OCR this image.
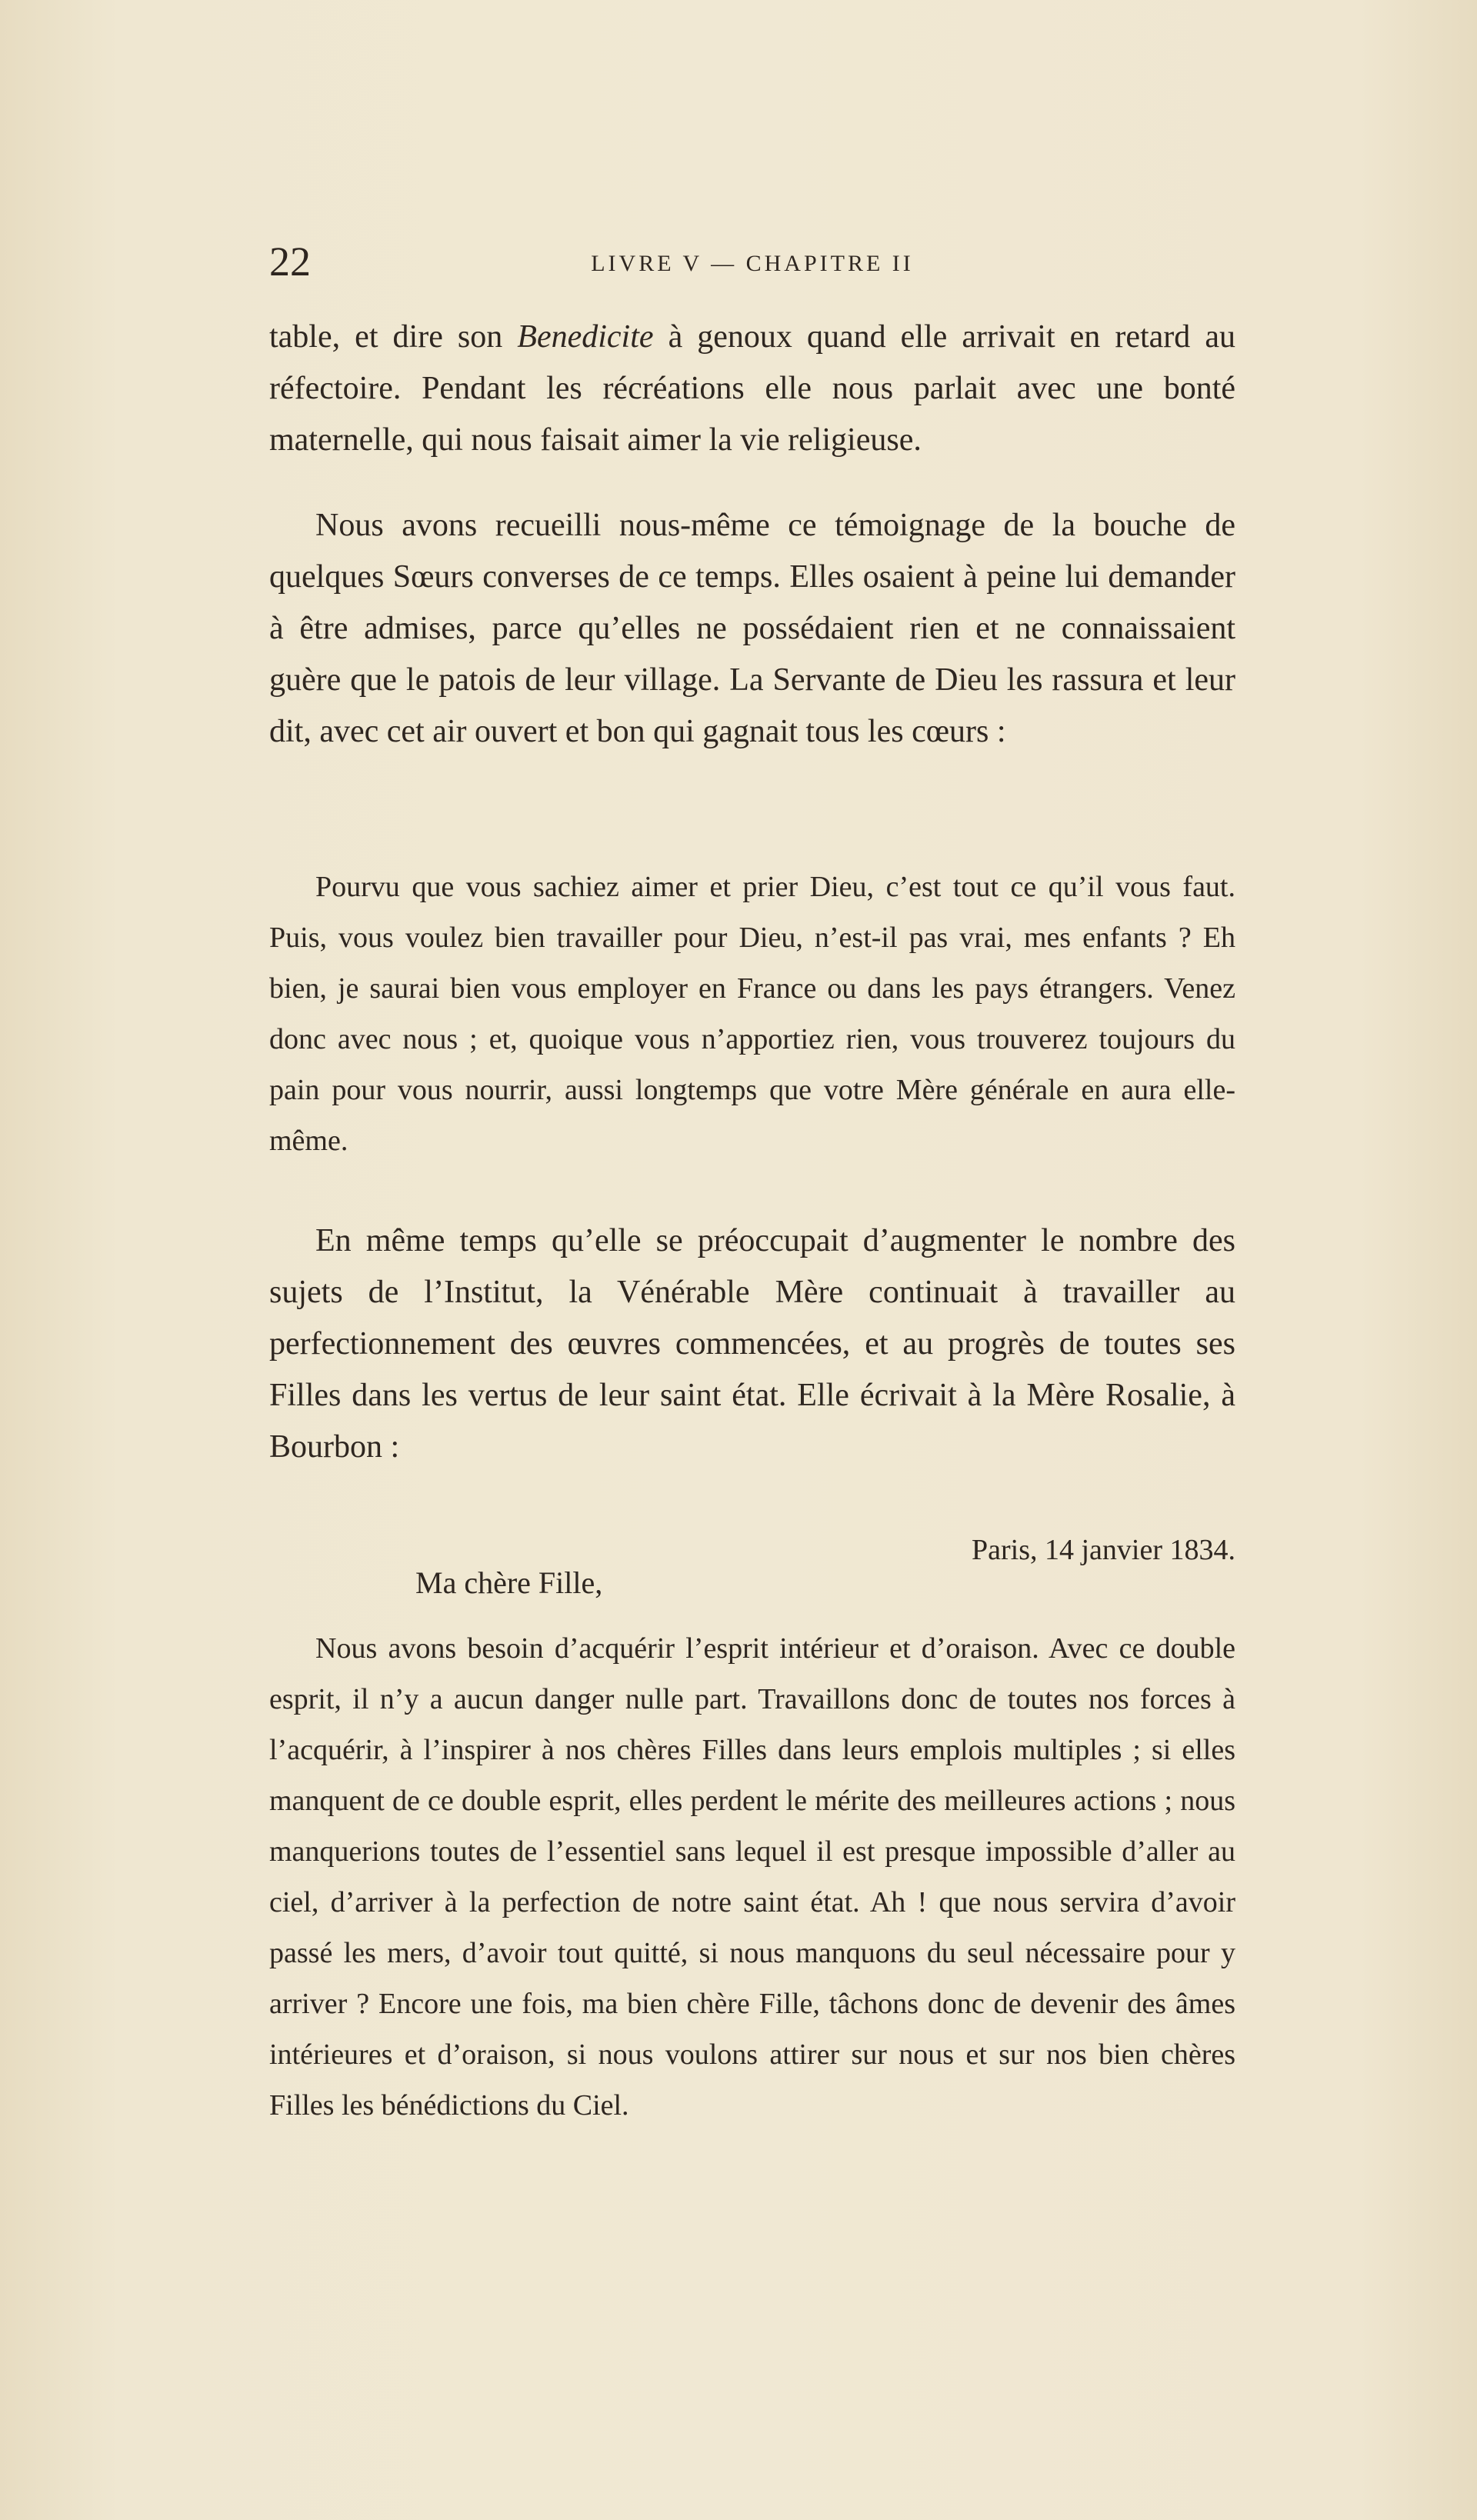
22	LIVRE V — CHAPITRE II

table, et dire son Benedicite à genoux quand elle arrivait en retard au réfectoire. Pendant les récréations elle nous parlait avec une bonté maternelle, qui nous faisait aimer la vie religieuse.

Nous avons recueilli nous-même ce témoignage de la bouche de quelques Sœurs converses de ce temps. Elles osaient à peine lui demander à être admises, parce qu’elles ne possédaient rien et ne connaissaient guère que le patois de leur village. La Servante de Dieu les rassura et leur dit, avec cet air ouvert et bon qui gagnait tous les cœurs :

Pourvu que vous sachiez aimer et prier Dieu, c’est tout ce qu’il vous faut. Puis, vous voulez bien travailler pour Dieu, n’est-il pas vrai, mes enfants ? Eh bien, je saurai bien vous employer en France ou dans les pays étrangers. Venez donc avec nous ; et, quoique vous n’apportiez rien, vous trouverez toujours du pain pour vous nourrir, aussi longtemps que votre Mère générale en aura elle-même.

En même temps qu’elle se préoccupait d’augmenter le nombre des sujets de l’Institut, la Vénérable Mère continuait à travailler au perfectionnement des œuvres commencées, et au progrès de toutes ses Filles dans les vertus de leur saint état. Elle écrivait à la Mère Rosalie, à Bourbon :

Paris, 14 janvier 1834.
Ma chère Fille,

Nous avons besoin d’acquérir l’esprit intérieur et d’oraison. Avec ce double esprit, il n’y a aucun danger nulle part. Travaillons donc de toutes nos forces à l’acquérir, à l’inspirer à nos chères Filles dans leurs emplois multiples ; si elles manquent de ce double esprit, elles perdent le mérite des meilleures actions ; nous manquerions toutes de l’essentiel sans lequel il est presque impossible d’aller au ciel, d’arriver à la perfection de notre saint état. Ah ! que nous servira d’avoir passé les mers, d’avoir tout quitté, si nous manquons du seul nécessaire pour y arriver ? Encore une fois, ma bien chère Fille, tâchons donc de devenir des âmes intérieures et d’oraison, si nous voulons attirer sur nous et sur nos bien chères Filles les bénédictions du Ciel.
